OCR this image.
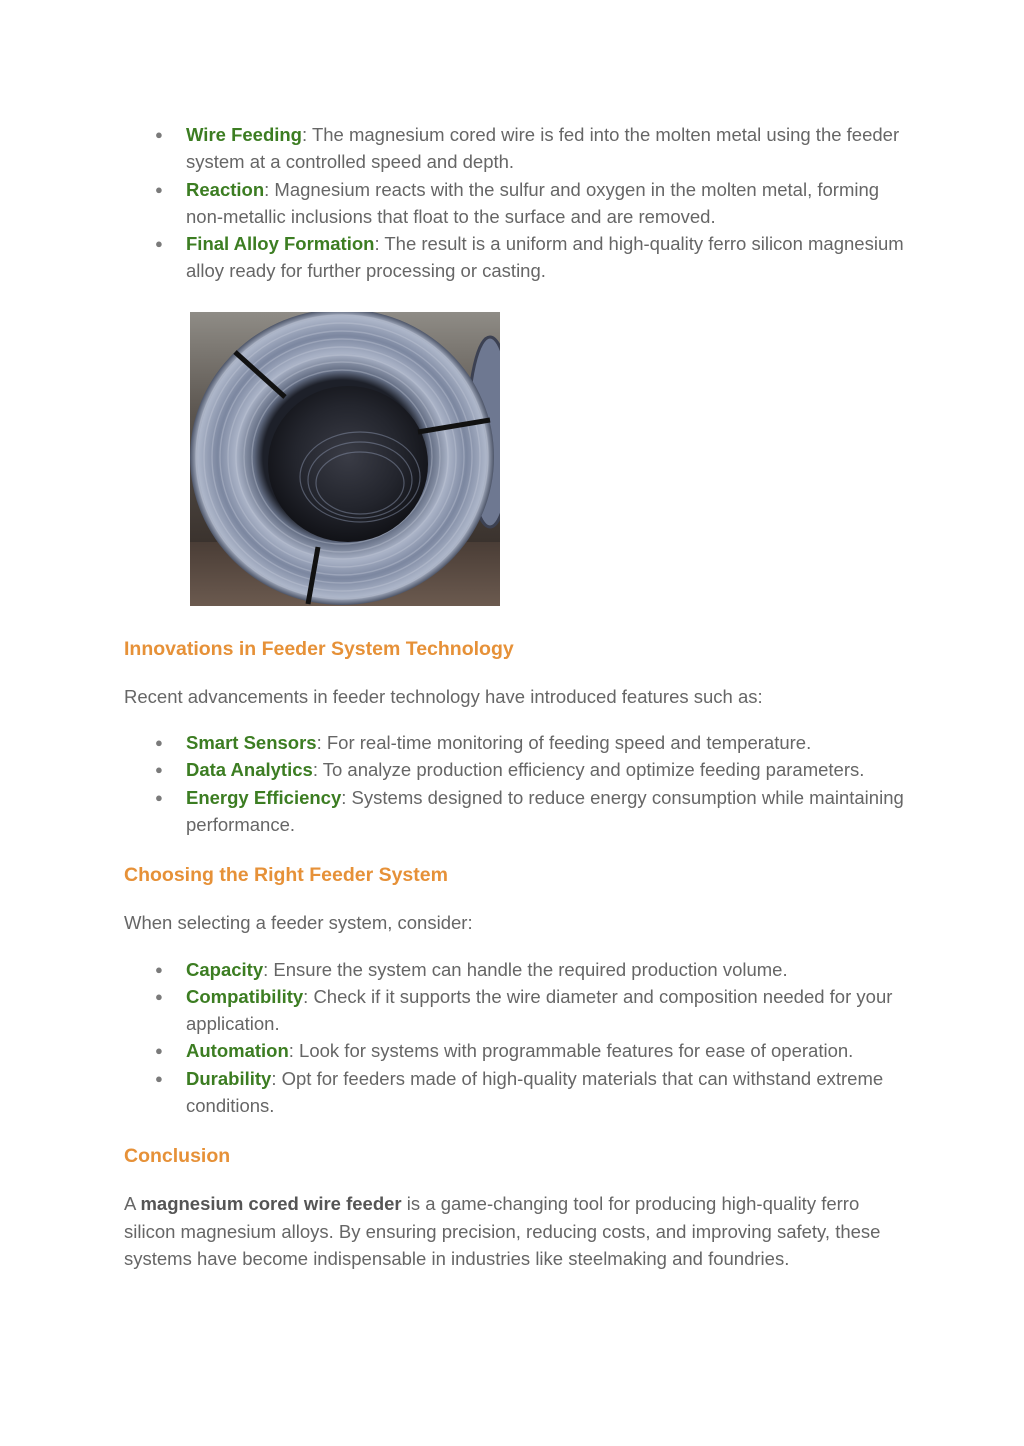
● Wire Feeding: The magnesium cored wire is fed into the molten metal using the feeder system at a controlled speed and depth.
● Reaction: Magnesium reacts with the sulfur and oxygen in the molten metal, forming non-metallic inclusions that float to the surface and are removed.
● Final Alloy Formation: The result is a uniform and high-quality ferro silicon magnesium alloy ready for further processing or casting.
Innovations in Feeder System Technology

Recent advancements in feeder technology have introduced features such as:

● Smart Sensors: For real-time monitoring of feeding speed and temperature.
● Data Analytics: To analyze production efficiency and optimize feeding parameters.
● Energy Efficiency: Systems designed to reduce energy consumption while maintaining performance.
Choosing the Right Feeder System

When selecting a feeder system, consider:

● Capacity: Ensure the system can handle the required production volume.
● Compatibility: Check if it supports the wire diameter and composition needed for your application.
● Automation: Look for systems with programmable features for ease of operation.
● Durability: Opt for feeders made of high-quality materials that can withstand extreme conditions.
Conclusion

A magnesium cored wire feeder is a game-changing tool for producing high-quality ferro silicon magnesium alloys. By ensuring precision, reducing costs, and improving safety, these systems have become indispensable in industries like steelmaking and foundries.
